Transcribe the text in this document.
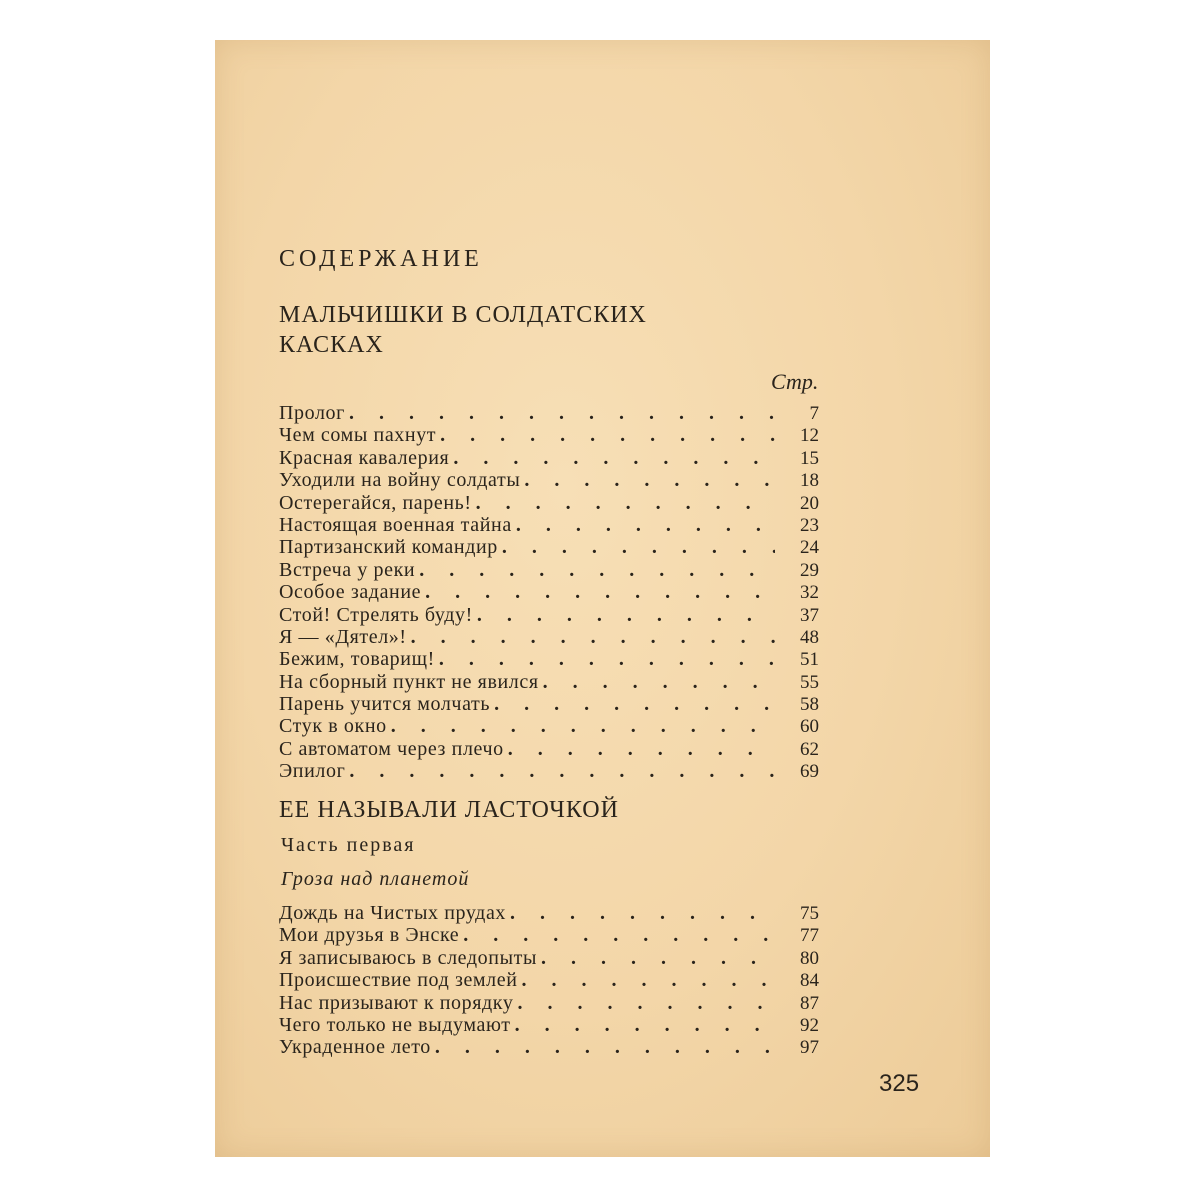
СОДЕРЖАНИЕ
МАЛЬЧИШКИ В СОЛДАТСКИХ КАСКАХ
Стр.
Пролог . . .	7
Чем сомы пахнут . . .	12
Красная кавалерия . . .	15
Уходили на войну солдаты . . .	18
Остерегайся, парень! . . .	20
Настоящая военная тайна . . .	23
Партизанский командир . . .	24
Встреча у реки . . .	29
Особое задание . . .	32
Стой! Стрелять буду! . . .	37
Я — «Дятел»! . . .	48
Бежим, товарищ! . . .	51
На сборный пункт не явился . . .	55
Парень учится молчать . . .	58
Стук в окно . . .	60
С автоматом через плечо . . .	62
Эпилог . . .	69
ЕЕ НАЗЫВАЛИ ЛАСТОЧКОЙ
Часть первая
Гроза над планетой
Дождь на Чистых прудах . . .	75
Мои друзья в Энске . . .	77
Я записываюсь в следопыты . . .	80
Происшествие под землей . . .	84
Нас призывают к порядку . . .	87
Чего только не выдумают . . .	92
Украденное лето . . .	97
325
